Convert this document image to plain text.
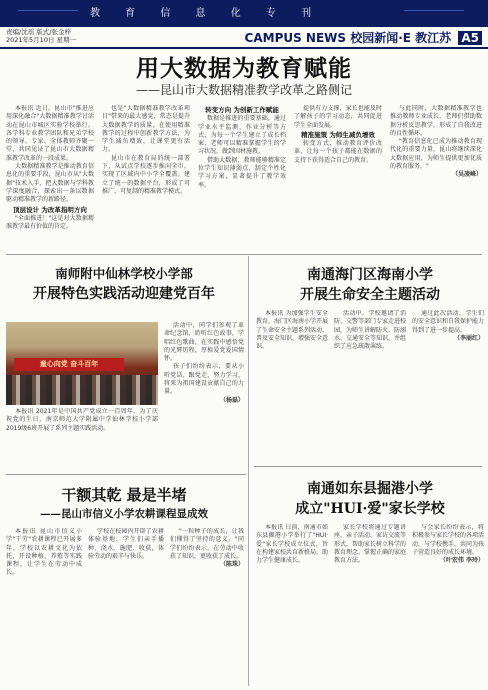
教 育 信 息 化 专 刊
责编/沈瑶 版式/张金梓
2021年5月10日 星期一	CAMPUS NEWS 校园新闻·E 教江苏 A5
用大数据为教育赋能
——昆山市大数据精准教学改革之路侧记

本报讯 近日，昆山市"推进应用深化融合"大数据精准教学讨活动在昆山市城区实验学校举行。各学科专业教学团队和兄弟学校的领导、专家、全体教师齐聚一堂，共同见证了昆山市大数据精准教学改革的一段成果。

大数据精准教学是推动教育信息化的重要手段，昆山市从"大数据"技术入手，把大数据与学科教学深度融合，探索出一条以数据驱动精准教学的新路径。

顶层设计 为改革指明方向

"全面推进！"这是对大数据精准教学最有价值的肯定。

也是"大数据精准教学改革项目"带来的最大感觉，常态是提升大数据教学的质量，在使用精准教学的过程中创新教学方法，为学生减负增效，让课堂更有活力。

昆山市在教育局的统一部署下，从试点学校逐步推向全市，实现了区域内中小学全覆盖。建立了统一的数据平台，形成了可推广、可复制的精准教学模式。

转变方向 为创新工作赋能

数据是推进的重要基础，通过学业水平监测、作业分析等方式，为每一个学生建立了成长档案，老师可以精准掌握学生的学习状况，做到因材施教。

借助大数据，教师能够精准定位学生知识薄弱点，制定个性化学习方案，显著提升了教学效率。

提供有力支撑，家长也能及时了解孩子的学习动态，共同促进学生全面发展。

精准施策 为师生减负增效

转变方式，推动教育评价改革，让每一个孩子都能在数据的支持下获得适合自己的教育。

与此同时，大数据精准教学也推动教师专业成长，老师们借助数据分析反思教学，形成了自我改进的良性循环。

"教育信息化已成为推动教育现代化的重要力量，昆山将继续深化大数据应用，为师生提供更加优质的教育服务。"

（吴凌峰）
南师附中仙林学校小学部
开展特色实践活动迎建党百年
童心向党 奋斗百年

本报讯 2021年是中国共产党成立一百周年，为了庆祝党的生日，南京师范大学附属中学仙林学校小学部2019级6班开展了系列主题实践活动。

活动中，同学们参观了革命纪念馆，聆听红色故事，学唱红色歌曲，在实践中感悟党的光辉历程，厚植爱党爱国情怀。

孩子们纷纷表示，要从小听党话、跟党走，努力学习，将来为祖国建设贡献自己的力量。

（杨磊）
干额其乾 最是半堵
——昆山市信义小学农耕课程显成效

本报讯 昆山市信义小学"干劳"农耕课程已开展多年，学校以农耕文化为依托，开设种植、养殖等实践课程，让学生在劳动中成长。

学校在校园内开辟了农耕体验基地，学生们亲手播种、浇水、施肥、收获，体验劳动的艰辛与快乐。

"一粒种子的成长，让我们懂得了坚持的意义。"同学们纷纷表示，在劳动中收获了知识，更收获了成长。

（陈珠）
南通海门区海南小学
开展生命安全主题活动

本报讯 为加强学生安全教育，海门区海南小学开展了生命安全主题系列活动，普及安全知识，增强安全意识。

活动中，学校邀请了消防、交警等部门专家走进校园，为师生讲解防火、防溺水、交通安全等知识，并组织了应急疏散演练。

通过此次活动，学生们的安全意识和自我保护能力得到了进一步提高。

（李丽红）
南通如东县掘港小学
成立"HUI·爱"家长学校

本报讯 日前，南通市如东县掘港小学举行了"HUI·爱"家长学校成立仪式，旨在构建家校共育新格局，助力学生健康成长。

家长学校将通过专题讲座、亲子活动、家访交流等形式，帮助家长树立科学的教育理念，掌握正确的家庭教育方法。

与会家长纷纷表示，将积极参与家长学校的各项活动，与学校携手，共同为孩子营造良好的成长环境。

（叶宏伟 李玲）
